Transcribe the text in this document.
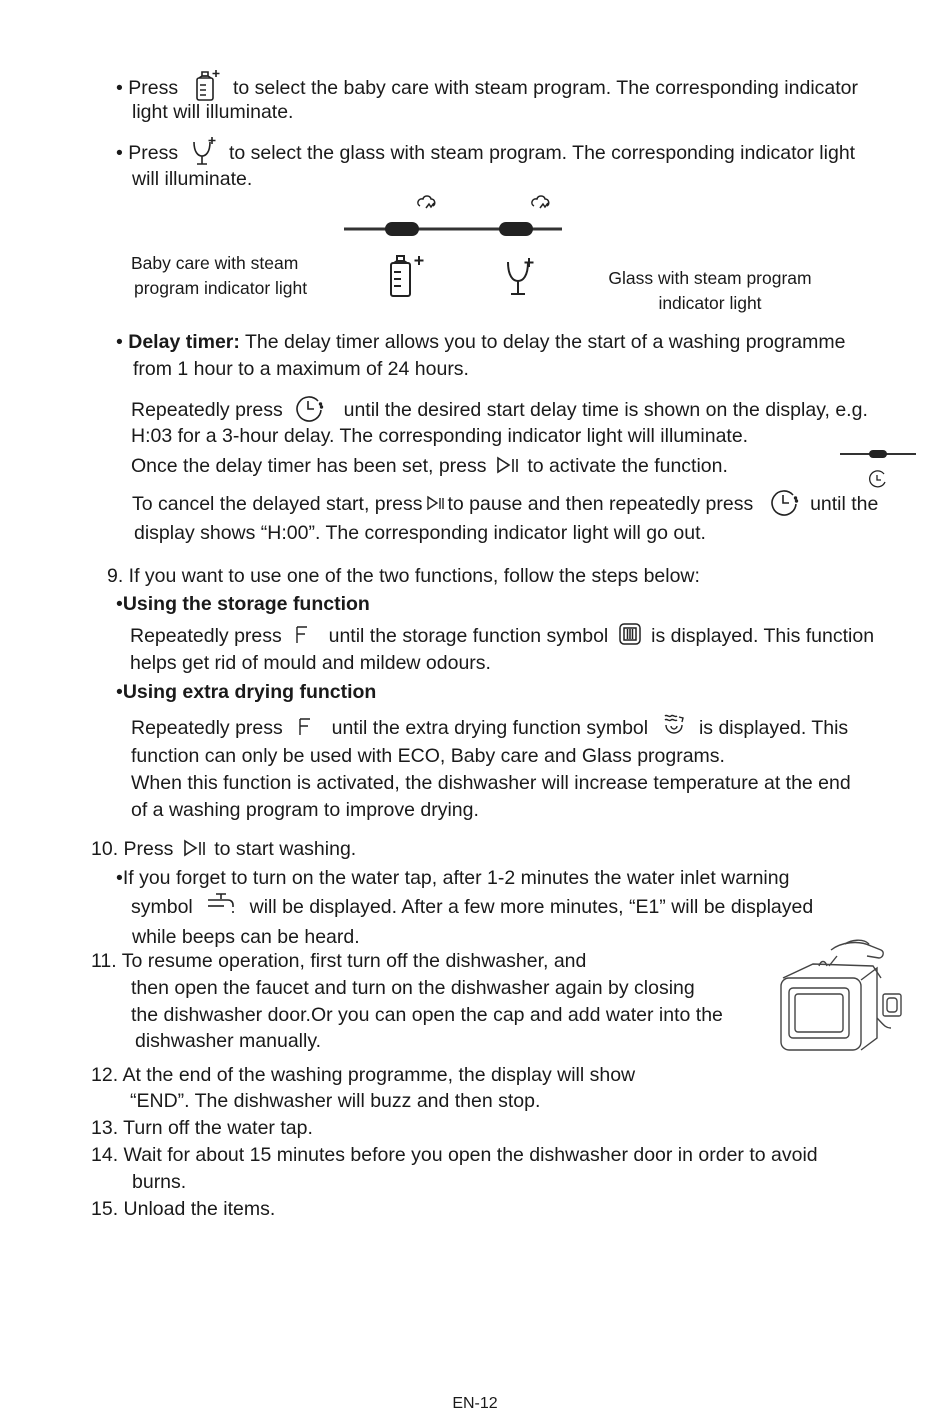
• Press	to select the baby care with steam program. The corresponding indicator
light will illuminate.
• Press	to select the glass with steam program. The corresponding indicator light
will illuminate.
Baby care with steam
program indicator light	Glass with steam program
indicator light
• Delay timer: The delay timer allows you to delay the start of a washing programme
from 1 hour to a maximum of 24 hours.
Repeatedly press	until the desired start delay time is shown on the display, e.g.
H:03 for a 3-hour delay. The corresponding indicator light will illuminate.
Once the delay timer has been set, press to activate the function.
To cancel the delayed start, press to pause and then repeatedly press	until the
display shows “H:00”. The corresponding indicator light will go out.
9. If you want to use one of the two functions, follow the steps below:
•Using the storage function
Repeatedly press until the storage function symbol is displayed. This function
helps get rid of mould and mildew odours.
•Using extra drying function
Repeatedly press	until the extra drying function symbol	is displayed. This
function can only be used with ECO, Baby care and Glass programs.
When this function is activated, the dishwasher will increase temperature at the end
of a washing program to improve drying.
10. Press to start washing.
•If you forget to turn on the water tap, after 1-2 minutes the water inlet warning
symbol	will be displayed. After a few more minutes, “E1” will be displayed
while beeps can be heard.
11. To resume operation, first turn off the dishwasher, and
then open the faucet and turn on the dishwasher again by closing
the dishwasher door.Or you can open the cap and add water into the
dishwasher manually.
12. At the end of the washing programme, the display will show
“END”. The dishwasher will buzz and then stop.
13. Turn off the water tap.
14. Wait for about 15 minutes before you open the dishwasher door in order to avoid
burns.
15. Unload the items.
EN-12
